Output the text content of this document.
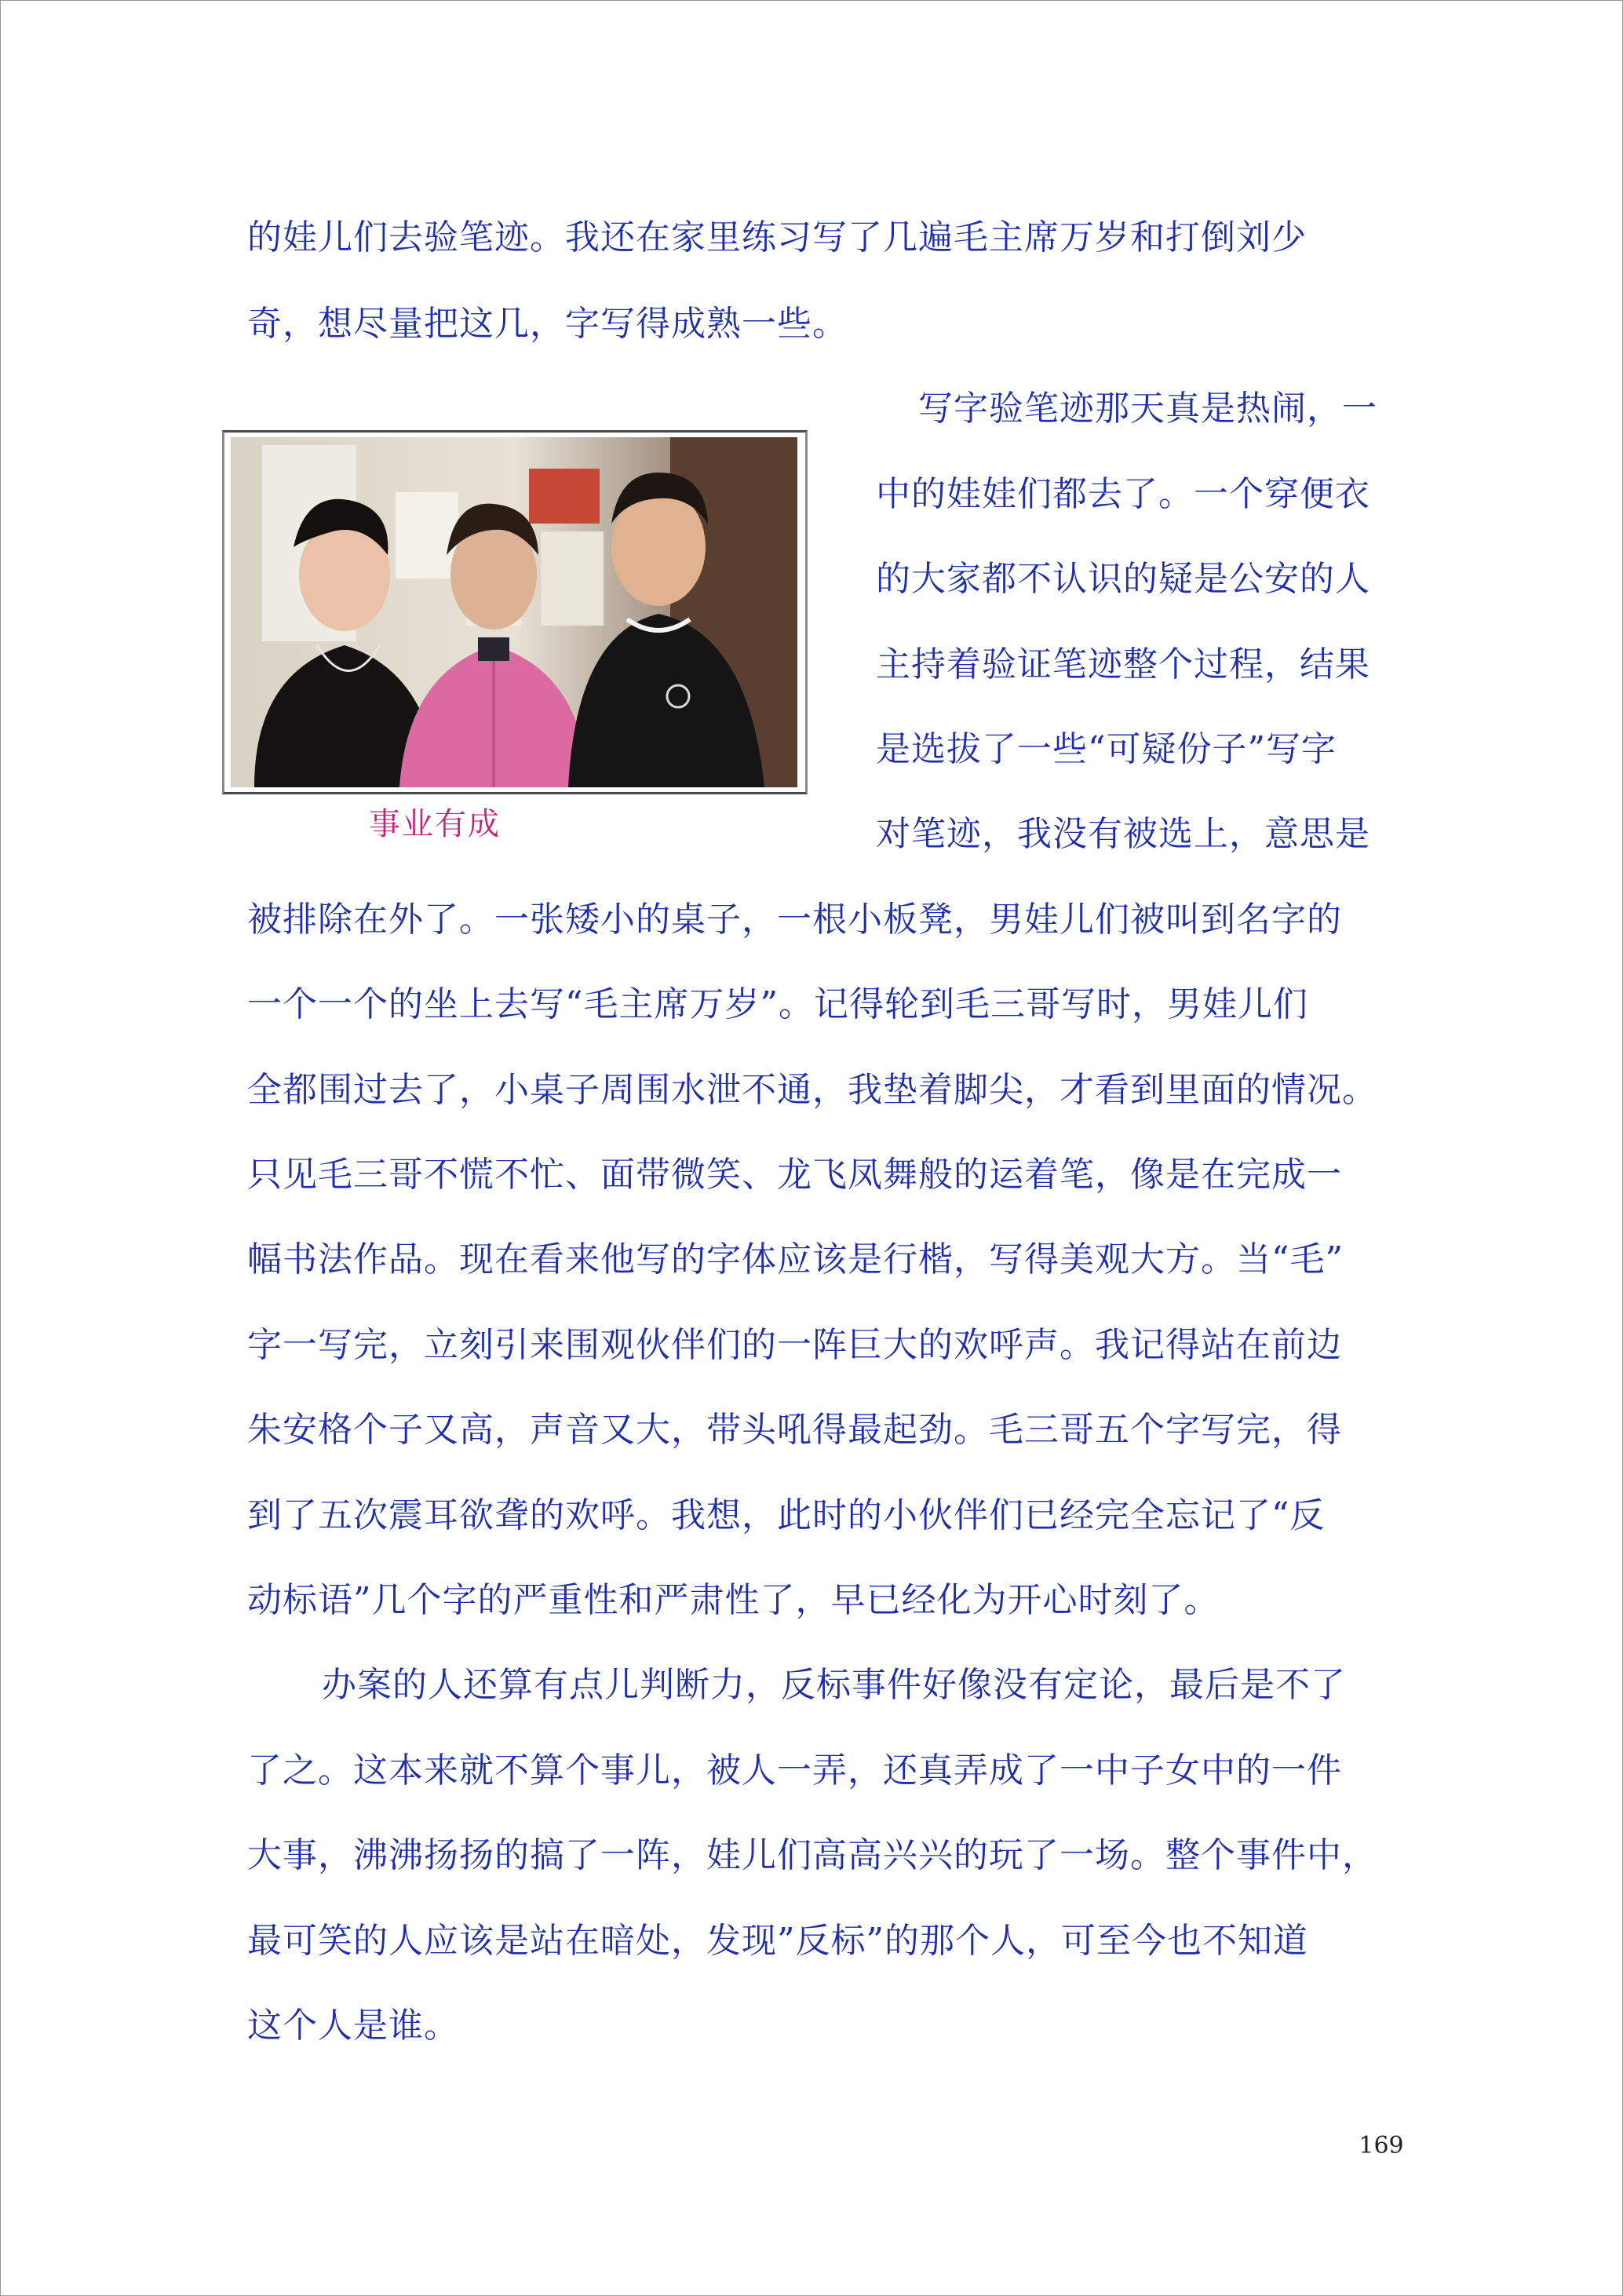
的娃儿们去验笔迹。我还在家里练习写了几遍毛主席万岁和打倒刘少
奇，想尽量把这几，字写得成熟一些。
写字验笔迹那天真是热闹，一
中的娃娃们都去了。一个穿便衣
的大家都不认识的疑是公安的人
主持着验证笔迹整个过程，结果
是选拔了一些“可疑份子”写字
对笔迹，我没有被选上，意思是
事业有成
被排除在外了。一张矮小的桌子，一根小板凳，男娃儿们被叫到名字的
一个一个的坐上去写“毛主席万岁”。记得轮到毛三哥写时，男娃儿们
全都围过去了，小桌子周围水泄不通，我垫着脚尖，才看到里面的情况。
只见毛三哥不慌不忙、面带微笑、龙飞凤舞般的运着笔，像是在完成一
幅书法作品。现在看来他写的字体应该是行楷，写得美观大方。当“毛”
字一写完，立刻引来围观伙伴们的一阵巨大的欢呼声。我记得站在前边
朱安格个子又高，声音又大，带头吼得最起劲。毛三哥五个字写完，得
到了五次震耳欲聋的欢呼。我想，此时的小伙伴们已经完全忘记了“反
动标语”几个字的严重性和严肃性了，早已经化为开心时刻了。
办案的人还算有点儿判断力，反标事件好像没有定论，最后是不了
了之。这本来就不算个事儿，被人一弄，还真弄成了一中子女中的一件
大事，沸沸扬扬的搞了一阵，娃儿们高高兴兴的玩了一场。整个事件中，
最可笑的人应该是站在暗处，发现”反标”的那个人，可至今也不知道
这个人是谁。
169
